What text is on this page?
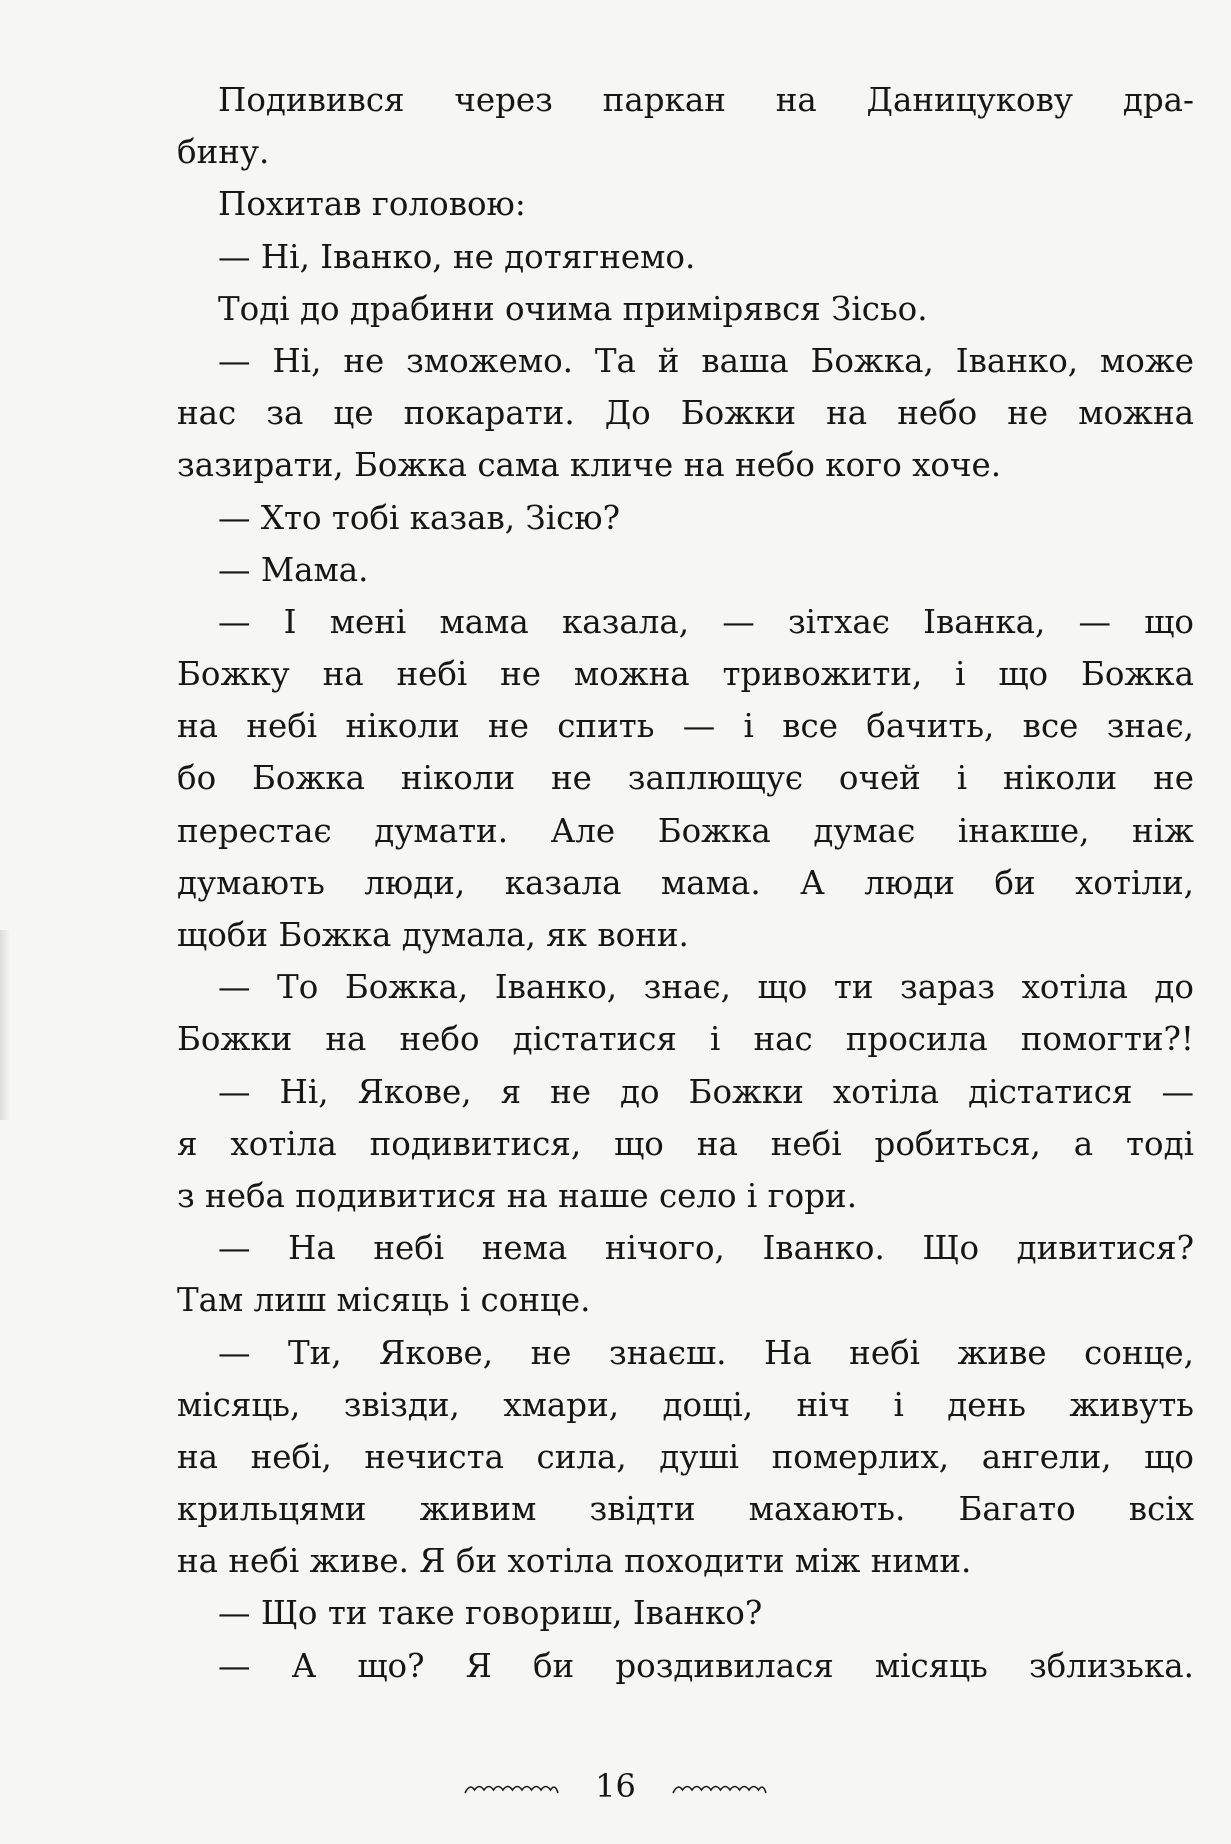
Подивився через паркан на Даницукову дра-
бину.
Похитав головою:
— Ні, Іванко, не дотягнемо.
Тоді до драбини очима примірявся Зісьо.
— Ні, не зможемо. Та й ваша Божка, Іванко, може
нас за це покарати. До Божки на небо не можна
зазирати, Божка сама кличе на небо кого хоче.
— Хто тобі казав, Зісю?
— Мама.
— І мені мама казала, — зітхає Іванка, — що
Божку на небі не можна тривожити, і що Божка
на небі ніколи не спить — і все бачить, все знає,
бо Божка ніколи не заплющує очей і ніколи не
перестає думати. Але Божка думає інакше, ніж
думають люди, казала мама. А люди би хотіли,
щоби Божка думала, як вони.
— То Божка, Іванко, знає, що ти зараз хотіла до
Божки на небо дістатися і нас просила помогти?!
— Ні, Якове, я не до Божки хотіла дістатися —
я хотіла подивитися, що на небі робиться, а тоді
з неба подивитися на наше село і гори.
— На небі нема нічого, Іванко. Що дивитися?
Там лиш місяць і сонце.
— Ти, Якове, не знаєш. На небі живе сонце,
місяць, звізди, хмари, дощі, ніч і день живуть
на небі, нечиста сила, душі померлих, ангели, що
крильцями живим звідти махають. Багато всіх
на небі живе. Я би хотіла походити між ними.
— Що ти таке говориш, Іванко?
— А що? Я би роздивилася місяць зблизька.
16
